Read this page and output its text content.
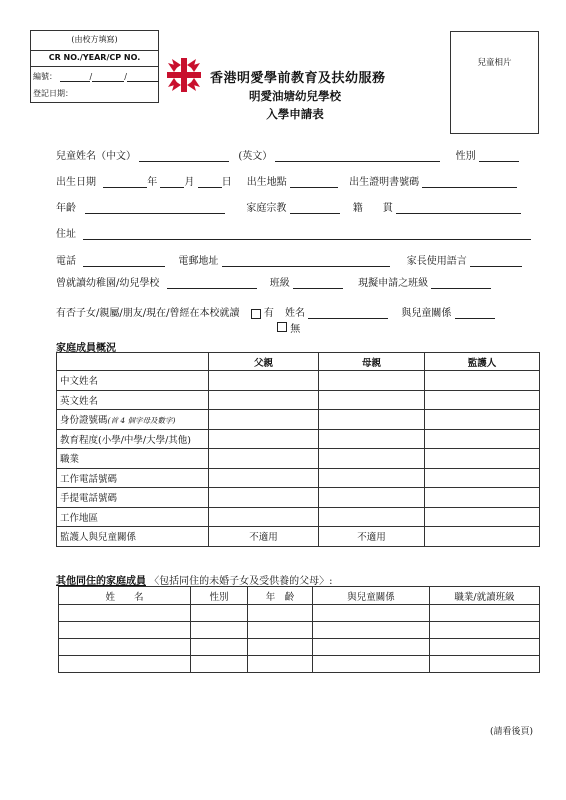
(由校方填寫)
CR NO./YEAR/CP NO.
編號：	/	/
登記日期：
香港明愛學前教育及扶幼服務
明愛油塘幼兒學校
入學申請表
兒童相片
兒童姓名（中文）	(英文）	性別
出生日期	年	月	日 出生地點	出生證明書號碼
年齡	家庭宗教	籍　　貫
住址
電話	電郵地址	家長使用語言
曾就讀幼稚園/幼兒學校	班級	現擬申請之班級
有否子女/親屬/朋友/現在/曾經在本校就讀 有 姓名	與兒童關係
無
家庭成員概況
	父親	母親	監護人
中文姓名			
英文姓名			
身份證號碼(首 4 個字母及數字)			
教育程度(小學/中學/大學/其他)			
職業			
工作電話號碼			
手提電話號碼			
工作地區			
監護人與兒童關係	不適用	不適用	
其他同住的家庭成員 〈包括同住的未婚子女及受供養的父母〉:
姓　　名	性別	年　齡	與兒童關係	職業/就讀班級

(請看後頁)
